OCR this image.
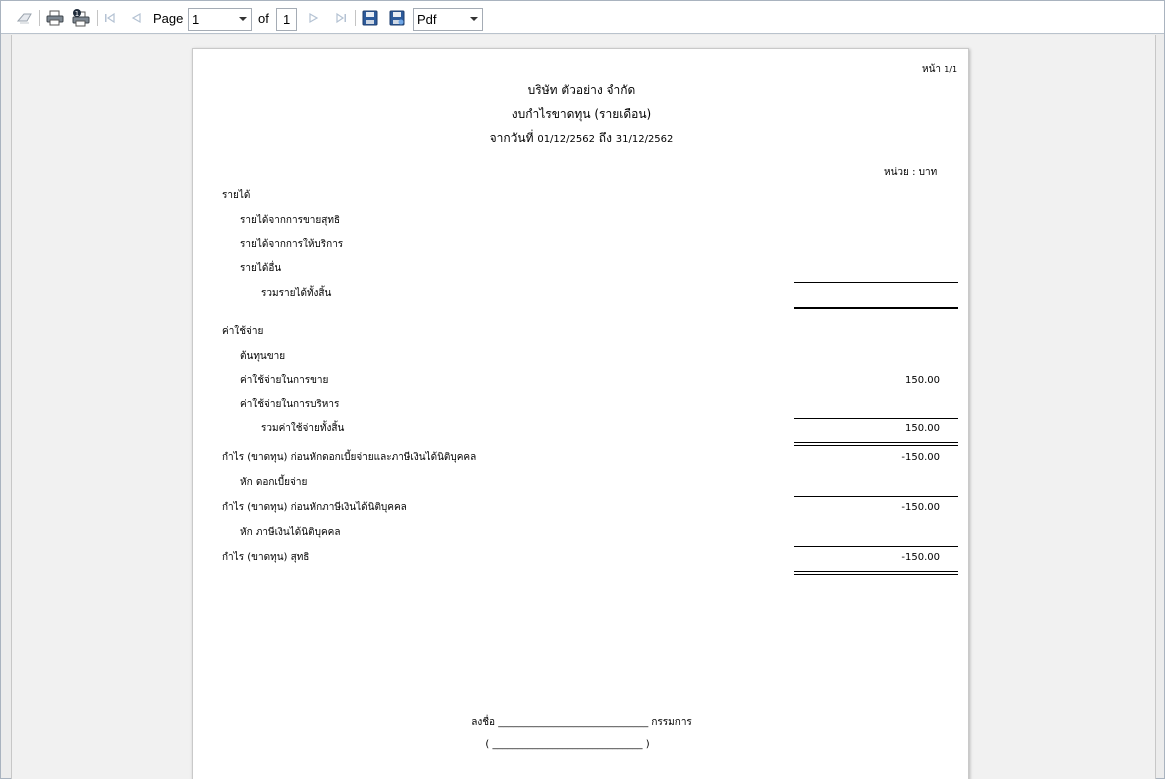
1	Page 1	of 1	Pdf
หน้า 1/1
บริษัท ตัวอย่าง จำกัด
งบกำไรขาดทุน (รายเดือน)
จากวันที่ 01/12/2562 ถึง 31/12/2562
หน่วย : บาท
รายได้
รายได้จากการขายสุทธิ
รายได้จากการให้บริการ
รายได้อื่น
รวมรายได้ทั้งสิ้น
ค่าใช้จ่าย
ต้นทุนขาย
ค่าใช้จ่ายในการขาย	150.00
ค่าใช้จ่ายในการบริหาร
รวมค่าใช้จ่ายทั้งสิ้น	150.00
กำไร (ขาดทุน) ก่อนหักดอกเบี้ยจ่ายและภาษีเงินได้นิติบุคคล	-150.00
หัก ดอกเบี้ยจ่าย
กำไร (ขาดทุน) ก่อนหักภาษีเงินได้นิติบุคคล	-150.00
หัก ภาษีเงินได้นิติบุคคล
กำไร (ขาดทุน) สุทธิ	-150.00
ลงชื่อ ______________________________ กรรมการ
( ______________________________ )
